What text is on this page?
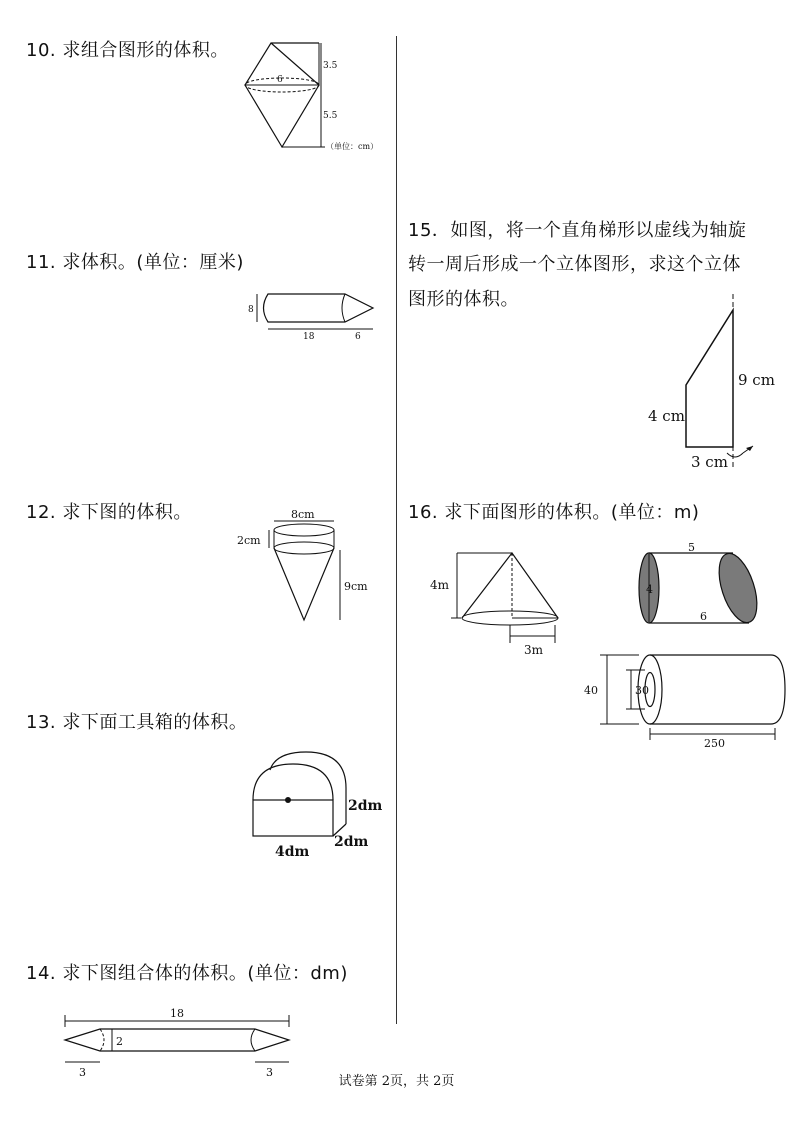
10. 求组合图形的体积。
6
3.5
5.5
（单位：cm）
11. 求体积。(单位：厘米)
8
18	6
12. 求下图的体积。	8cm
2cm
9cm
13. 求下面工具箱的体积。
4dm
2dm
2dm
14. 求下图组合体的体积。(单位：dm)
18
2
3	3
15．如图，将一个直角梯形以虚线为轴旋
转一周后形成一个立体图形，求这个立体
图形的体积。
9 cm
4 cm
3 cm
16. 求下面图形的体积。(单位：m)
4m
3m
5
4
6
40	30
250
试卷第 2页，共 2页
